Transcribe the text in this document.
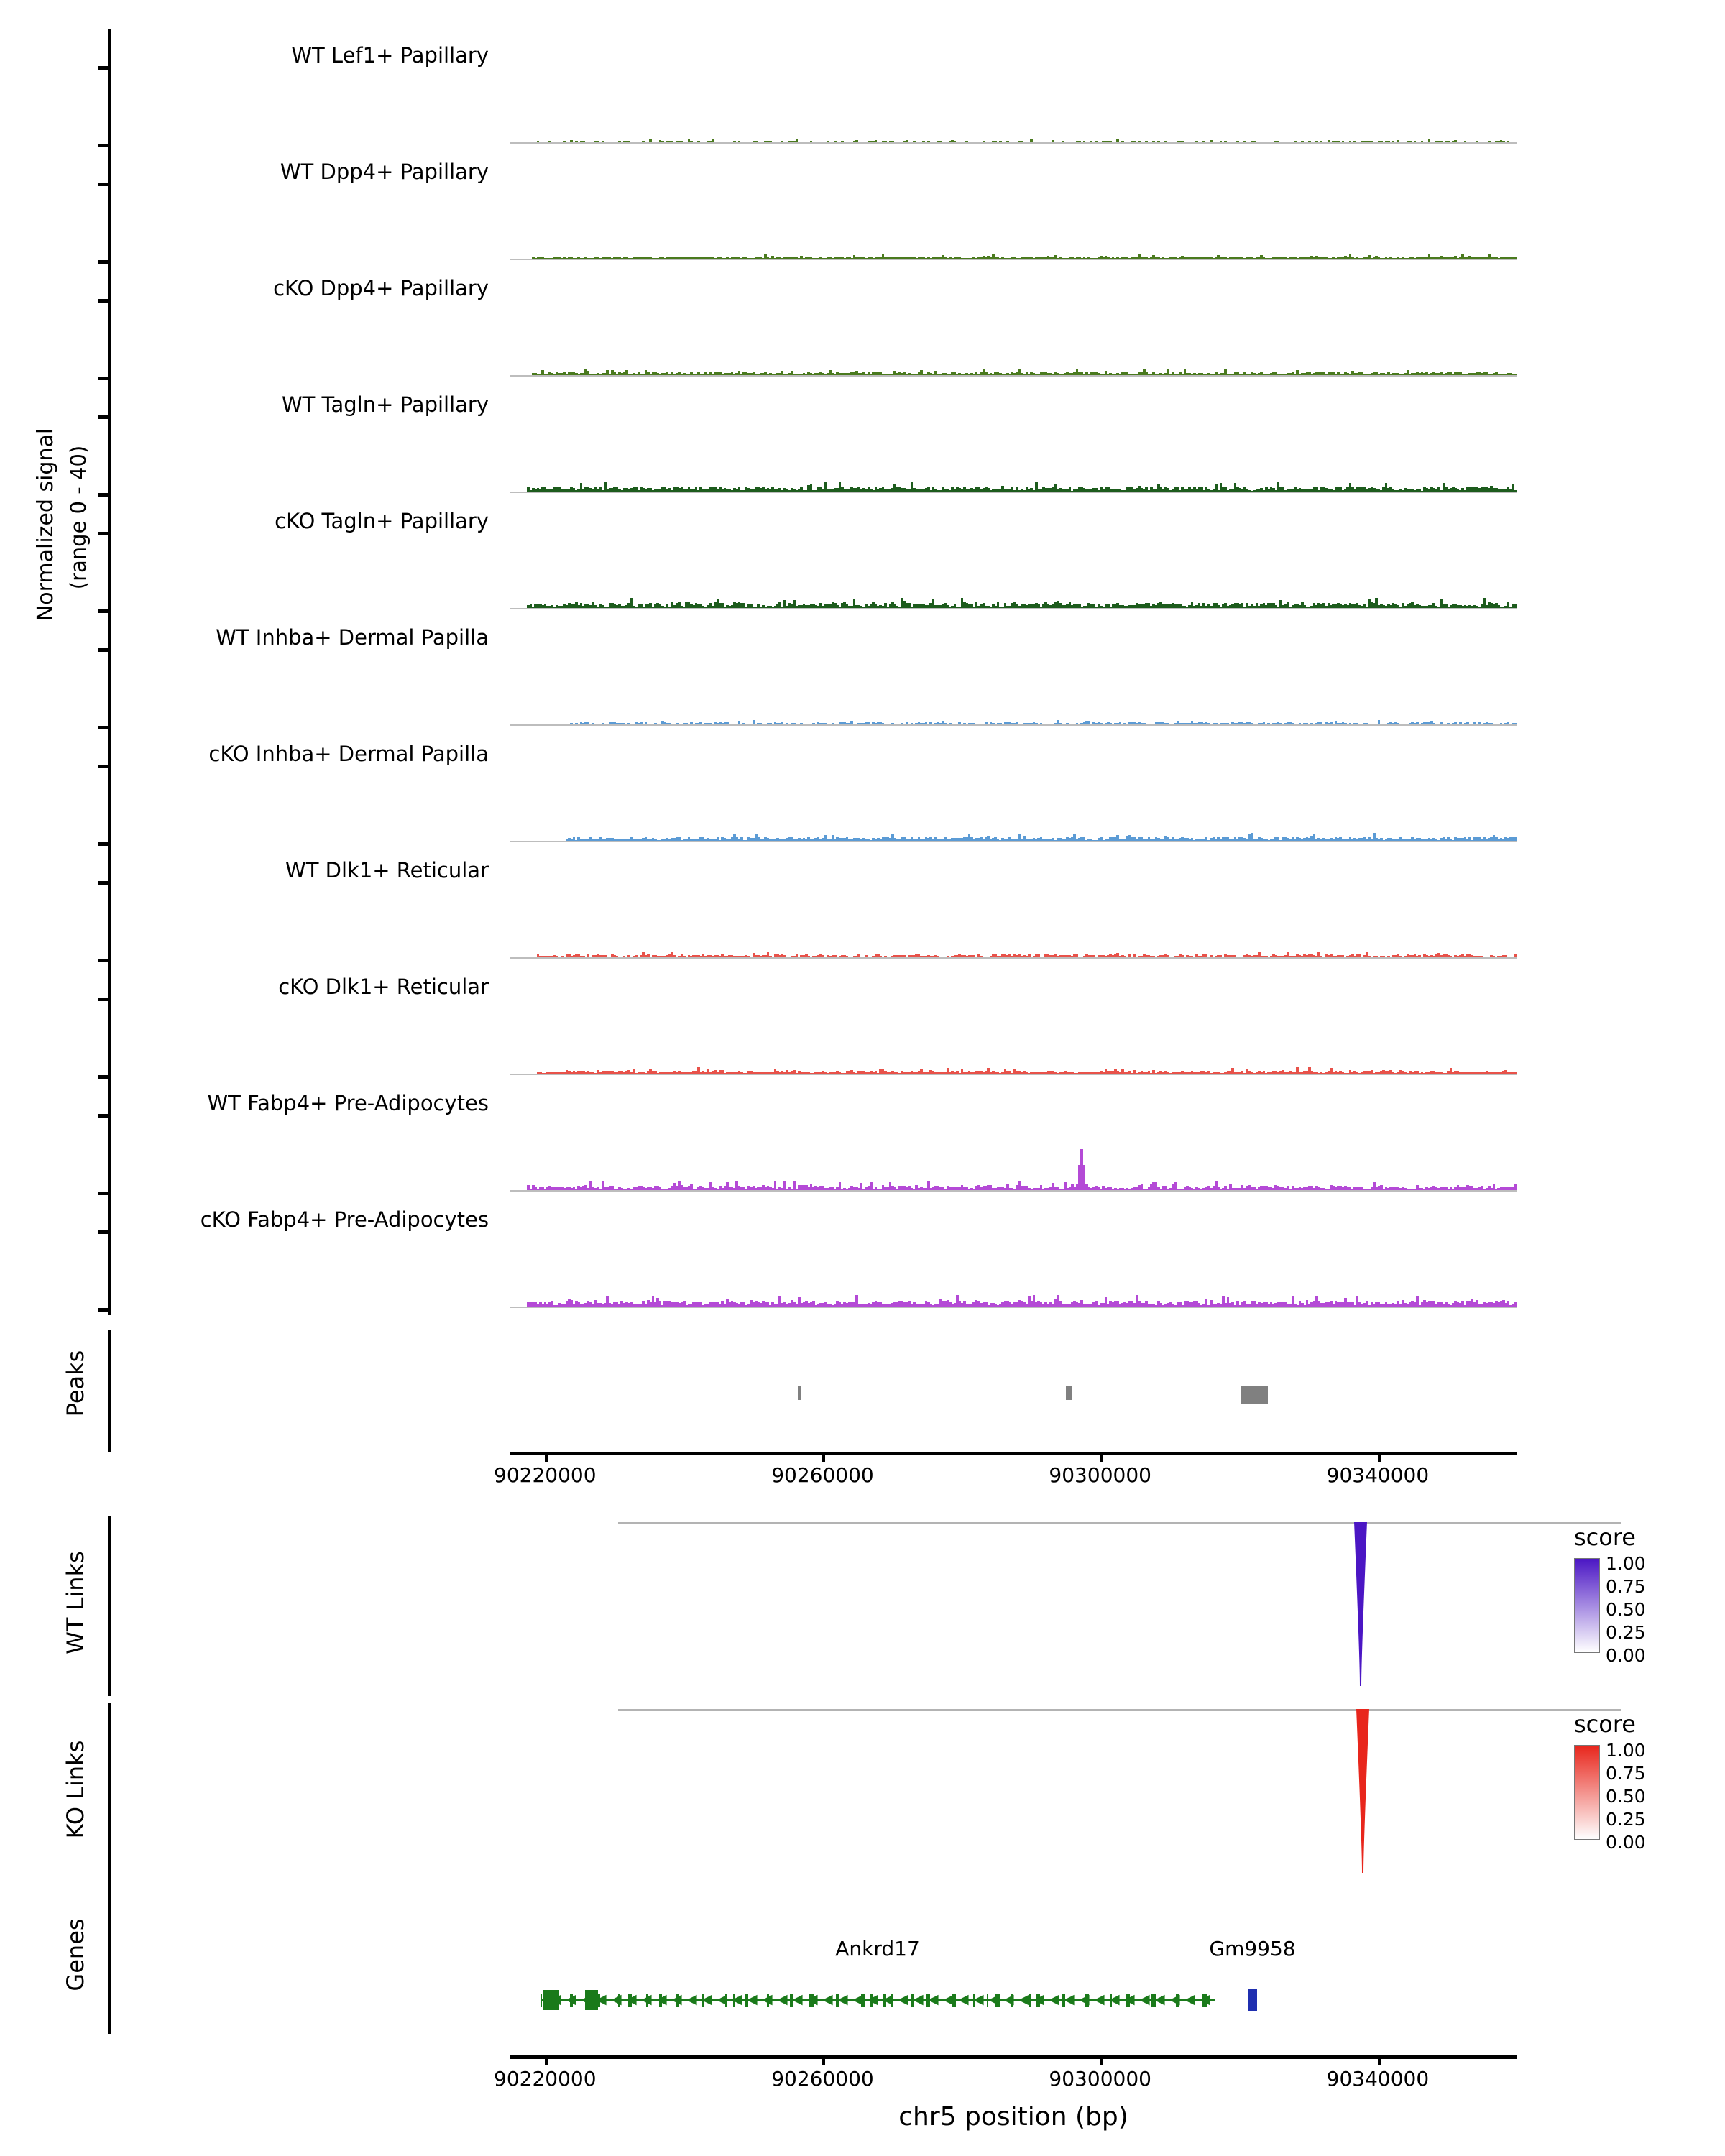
Normalized signal (range 0 - 40)
WT Lef1+ Papillary
WT Dpp4+ Papillary
cKO Dpp4+ Papillary
WT Tagln+ Papillary
cKO Tagln+ Papillary
WT Inhba+ Dermal Papilla
cKO Inhba+ Dermal Papilla
WT Dlk1+ Reticular
cKO Dlk1+ Reticular
WT Fabp4+ Pre-Adipocytes
cKO Fabp4+ Pre-Adipocytes
Peaks
90220000	90260000	90300000	90340000
WT Links
score
1.00
0.75
0.50
0.25
0.00
KO Links
score
1.00
0.75
0.50
0.25
0.00
Genes	Ankrd17
◀ ◀ ◀ ◀ ◀ ◀ ◀ ◀ ◀ ◀ ◀ ◀ ◀ ◀ ◀ ◀ ◀ ◀ ◀ ◀ ◀ ◀ ◀ ◀ ◀ ◀ ◀ ◀ ◀ ◀ ◀ ◀ ◀ ◀ ◀ ◀ ◀ ◀ ◀ ◀ ◀ ◀ ◀ ◀
Gm9958
90220000	90260000	90300000	90340000
chr5 position (bp)
